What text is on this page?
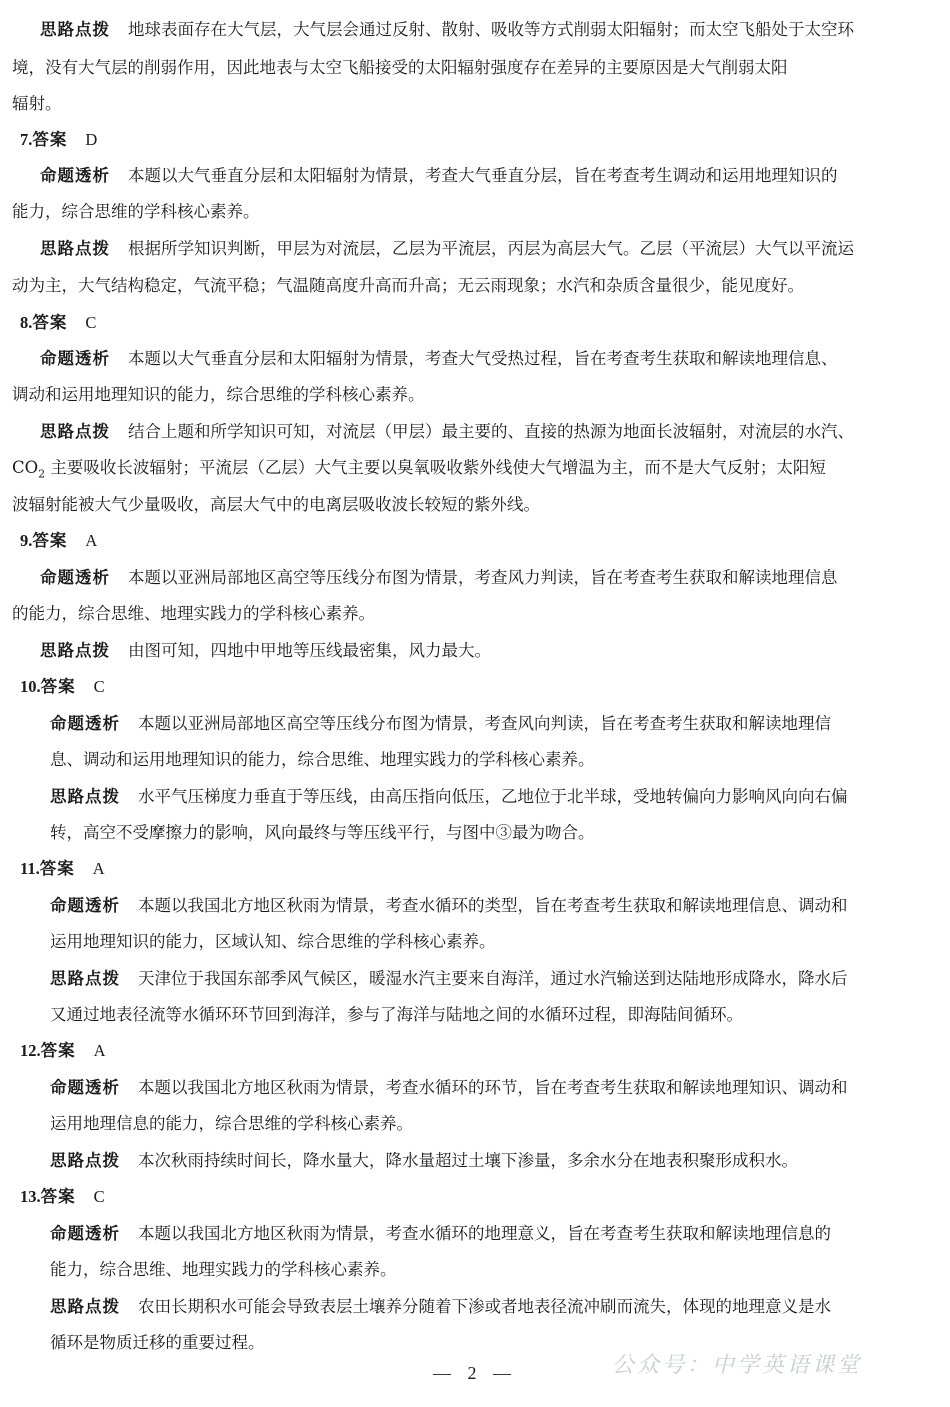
思路点拨 地球表面存在大气层，大气层会通过反射、散射、吸收等方式削弱太阳辐射；而太空飞船处于太空环
境，没有大气层的削弱作用，因此地表与太空飞船接受的太阳辐射强度存在差异的主要原因是大气削弱太阳
辐射。
7.答案 D
命题透析 本题以大气垂直分层和太阳辐射为情景，考查大气垂直分层，旨在考查考生调动和运用地理知识的
能力，综合思维的学科核心素养。
思路点拨 根据所学知识判断，甲层为对流层，乙层为平流层，丙层为高层大气。乙层（平流层）大气以平流运
动为主，大气结构稳定，气流平稳；气温随高度升高而升高；无云雨现象；水汽和杂质含量很少，能见度好。
8.答案 C
命题透析 本题以大气垂直分层和太阳辐射为情景，考查大气受热过程，旨在考查考生获取和解读地理信息、
调动和运用地理知识的能力，综合思维的学科核心素养。
思路点拨 结合上题和所学知识可知，对流层（甲层）最主要的、直接的热源为地面长波辐射，对流层的水汽、
$CO_2$ 主要吸收长波辐射；平流层（乙层）大气主要以臭氧吸收紫外线使大气增温为主，而不是大气反射；太阳短
波辐射能被大气少量吸收，高层大气中的电离层吸收波长较短的紫外线。
9.答案 A
命题透析 本题以亚洲局部地区高空等压线分布图为情景，考查风力判读，旨在考查考生获取和解读地理信息
的能力，综合思维、地理实践力的学科核心素养。
思路点拨 由图可知，四地中甲地等压线最密集，风力最大。
10.答案 C
命题透析 本题以亚洲局部地区高空等压线分布图为情景，考查风向判读，旨在考查考生获取和解读地理信
息、调动和运用地理知识的能力，综合思维、地理实践力的学科核心素养。
思路点拨 水平气压梯度力垂直于等压线，由高压指向低压，乙地位于北半球，受地转偏向力影响风向向右偏
转，高空不受摩擦力的影响，风向最终与等压线平行，与图中③最为吻合。
11.答案 A
命题透析 本题以我国北方地区秋雨为情景，考查水循环的类型，旨在考查考生获取和解读地理信息、调动和
运用地理知识的能力，区域认知、综合思维的学科核心素养。
思路点拨 天津位于我国东部季风气候区，暖湿水汽主要来自海洋，通过水汽输送到达陆地形成降水，降水后
又通过地表径流等水循环环节回到海洋，参与了海洋与陆地之间的水循环过程，即海陆间循环。
12.答案 A
命题透析 本题以我国北方地区秋雨为情景，考查水循环的环节，旨在考查考生获取和解读地理知识、调动和
运用地理信息的能力，综合思维的学科核心素养。
思路点拨 本次秋雨持续时间长，降水量大，降水量超过土壤下渗量，多余水分在地表积聚形成积水。
13.答案 C
命题透析 本题以我国北方地区秋雨为情景，考查水循环的地理意义，旨在考查考生获取和解读地理信息的
能力，综合思维、地理实践力的学科核心素养。
思路点拨 农田长期积水可能会导致表层土壤养分随着下渗或者地表径流冲刷而流失，体现的地理意义是水
循环是物质迁移的重要过程。
— 2 —	公众号：中学英语课堂
